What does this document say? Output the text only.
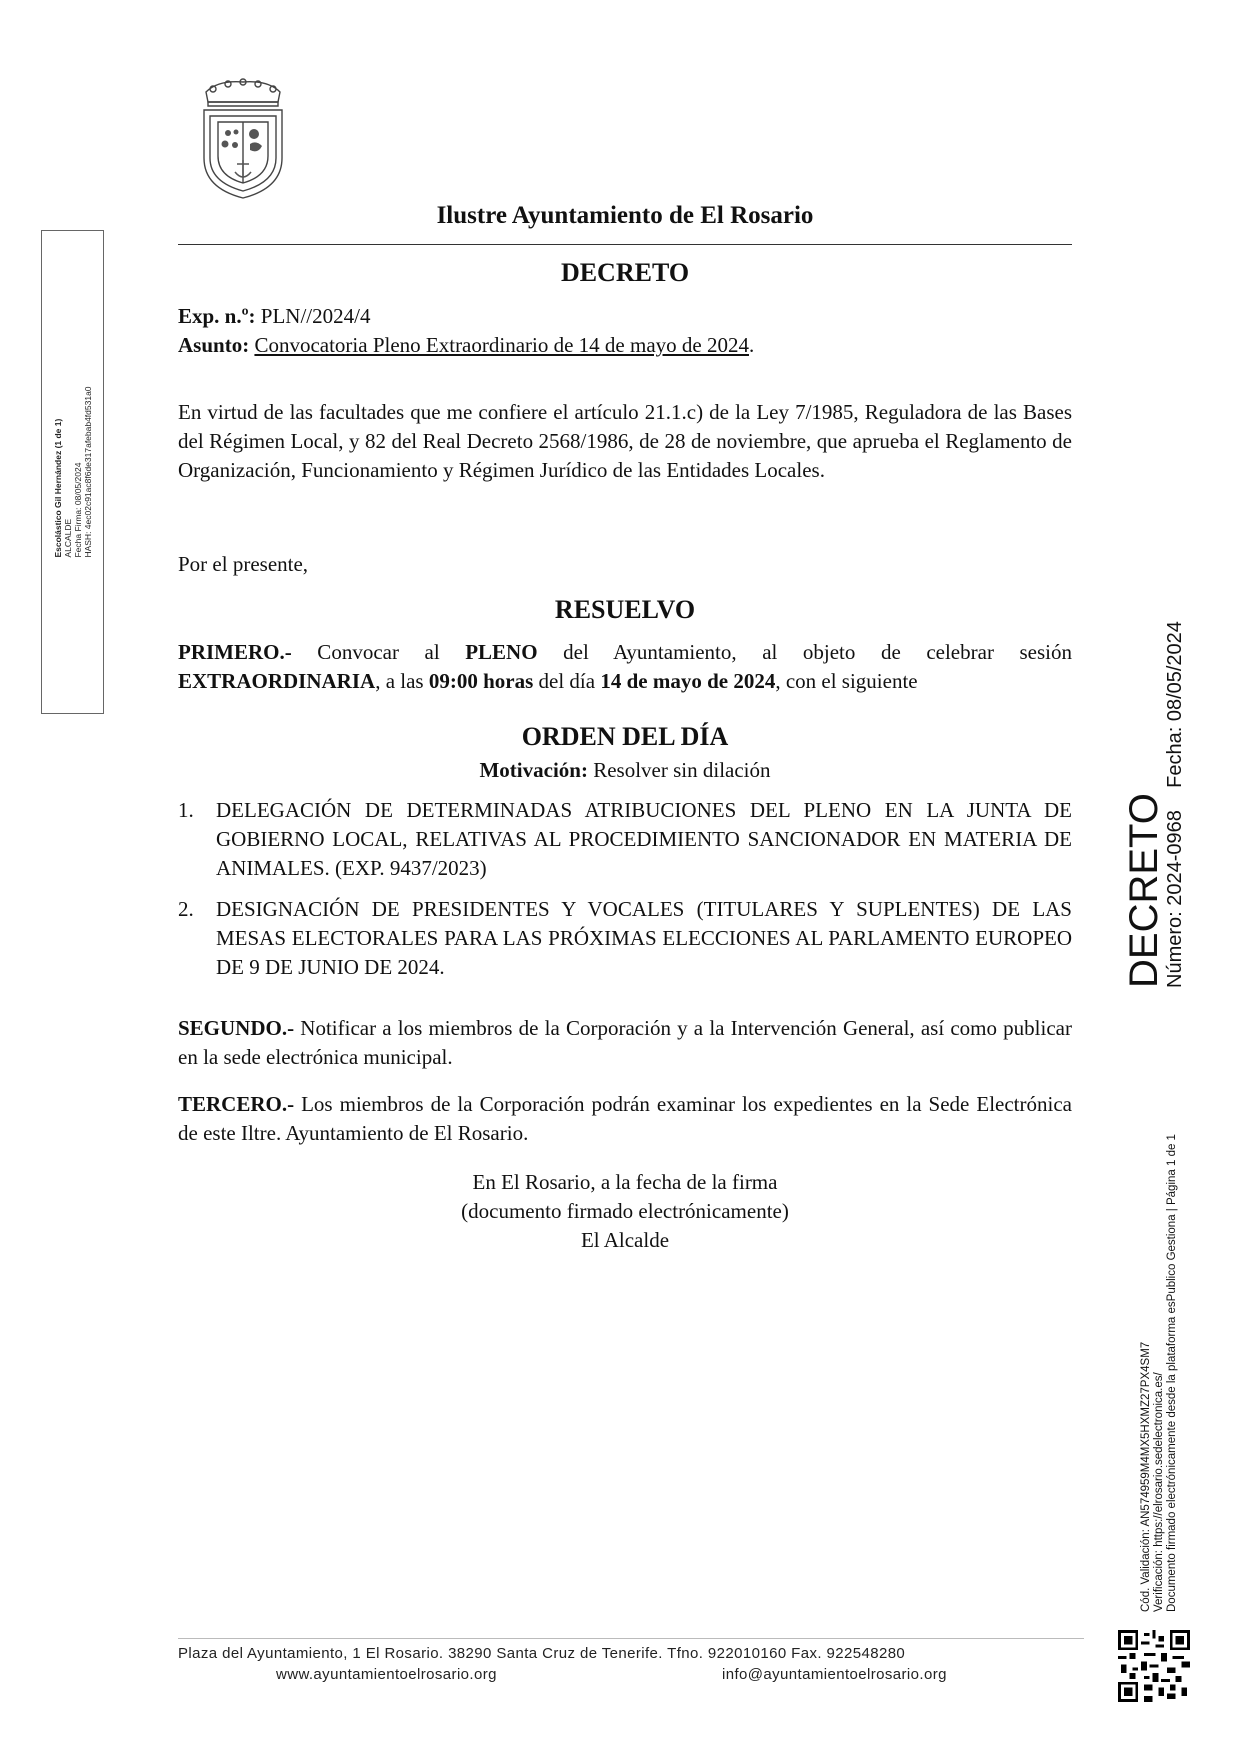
Ilustre Ayuntamiento de El Rosario
DECRETO
Exp. n.º: PLN//2024/4
Asunto: Convocatoria Pleno Extraordinario de 14 de mayo de 2024.
En virtud de las facultades que me confiere el artículo 21.1.c) de la Ley 7/1985, Reguladora de las Bases del Régimen Local, y 82 del Real Decreto 2568/1986, de 28 de noviembre, que aprueba el Reglamento de Organización, Funcionamiento y Régimen Jurídico de las Entidades Locales.
Por el presente,
RESUELVO
PRIMERO.- Convocar al PLENO del Ayuntamiento, al objeto de celebrar sesión EXTRAORDINARIA, a las 09:00 horas del día 14 de mayo de 2024, con el siguiente
ORDEN DEL DÍA
Motivación: Resolver sin dilación
1. DELEGACIÓN DE DETERMINADAS ATRIBUCIONES DEL PLENO EN LA JUNTA DE GOBIERNO LOCAL, RELATIVAS AL PROCEDIMIENTO SANCIONADOR EN MATERIA DE ANIMALES. (EXP. 9437/2023)
2. DESIGNACIÓN DE PRESIDENTES Y VOCALES (TITULARES Y SUPLENTES) DE LAS MESAS ELECTORALES PARA LAS PRÓXIMAS ELECCIONES AL PARLAMENTO EUROPEO DE 9 DE JUNIO DE 2024.
SEGUNDO.- Notificar a los miembros de la Corporación y a la Intervención General, así como publicar en la sede electrónica municipal.
TERCERO.- Los miembros de la Corporación podrán examinar los expedientes en la Sede Electrónica de este Iltre. Ayuntamiento de El Rosario.
En El Rosario, a la fecha de la firma
(documento firmado electrónicamente)
El Alcalde
Escolástico Gil Hernández (1 de 1) ALCALDE Fecha Firma: 08/05/2024 HASH: 4ec02c91ac8f6de317afebab4fd531a0
DECRETO
Número: 2024-0968    Fecha: 08/05/2024
Cód. Validación: AN574959M4MX5HXMZ27PX4SM7 Verificación: https://elrosario.sedelectronica.es/ Documento firmado electrónicamente desde la plataforma esPublico Gestiona | Página 1 de 1
Plaza del Ayuntamiento, 1 El Rosario. 38290 Santa Cruz de Tenerife. Tfno. 922010160 Fax. 922548280
www.ayuntamientoelrosario.org	info@ayuntamientoelrosario.org
